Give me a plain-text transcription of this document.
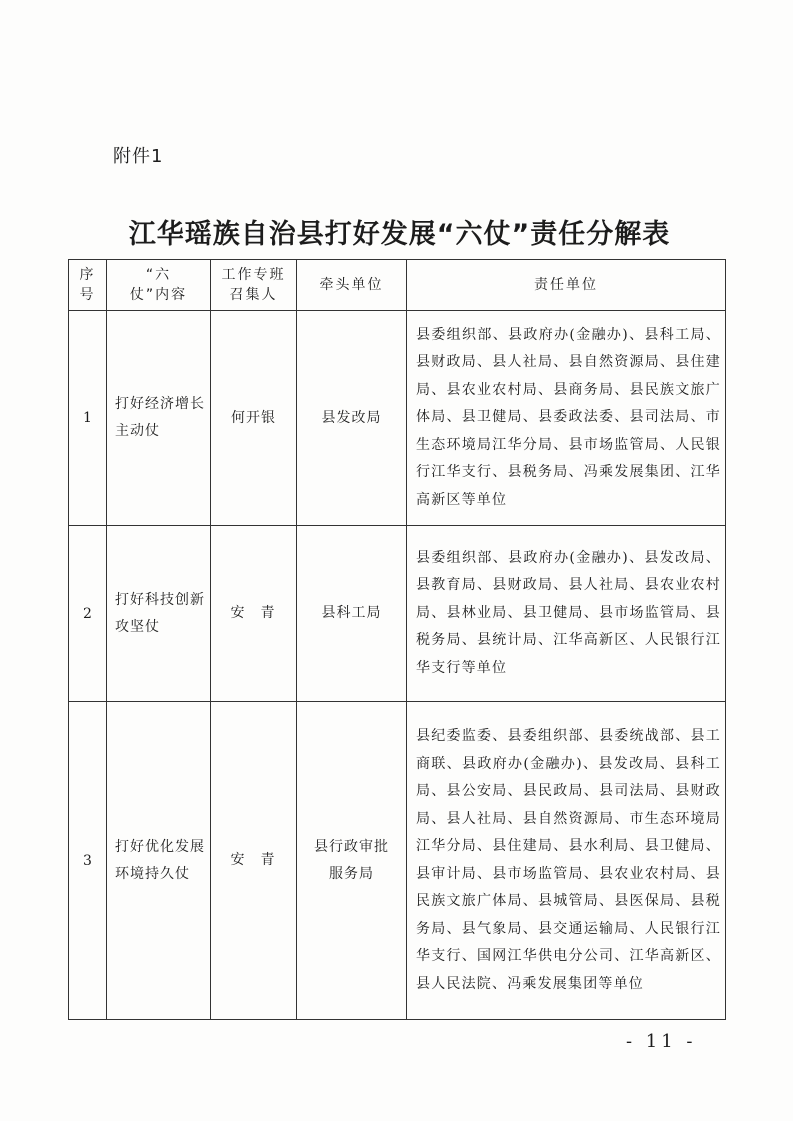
附件1
江华瑶族自治县打好发展“六仗”责任分解表
序号	“六仗”内容	工作专班召集人	牵头单位	责任单位
1	打好经济增长主动仗	何开银	县发改局	县委组织部、县政府办(金融办)、县科工局、县财政局、县人社局、县自然资源局、县住建局、县农业农村局、县商务局、县民族文旅广体局、县卫健局、县委政法委、县司法局、市生态环境局江华分局、县市场监管局、人民银行江华支行、县税务局、冯乘发展集团、江华高新区等单位
2	打好科技创新攻坚仗	安青	县科工局	县委组织部、县政府办(金融办)、县发改局、县教育局、县财政局、县人社局、县农业农村局、县林业局、县卫健局、县市场监管局、县税务局、县统计局、江华高新区、人民银行江华支行等单位
3	打好优化发展环境持久仗	安青	县行政审批服务局	县纪委监委、县委组织部、县委统战部、县工商联、县政府办(金融办)、县发改局、县科工局、县公安局、县民政局、县司法局、县财政局、县人社局、县自然资源局、市生态环境局江华分局、县住建局、县水利局、县卫健局、县审计局、县市场监管局、县农业农村局、县民族文旅广体局、县城管局、县医保局、县税务局、县气象局、县交通运输局、人民银行江华支行、国网江华供电分公司、江华高新区、县人民法院、冯乘发展集团等单位
- 11 -
